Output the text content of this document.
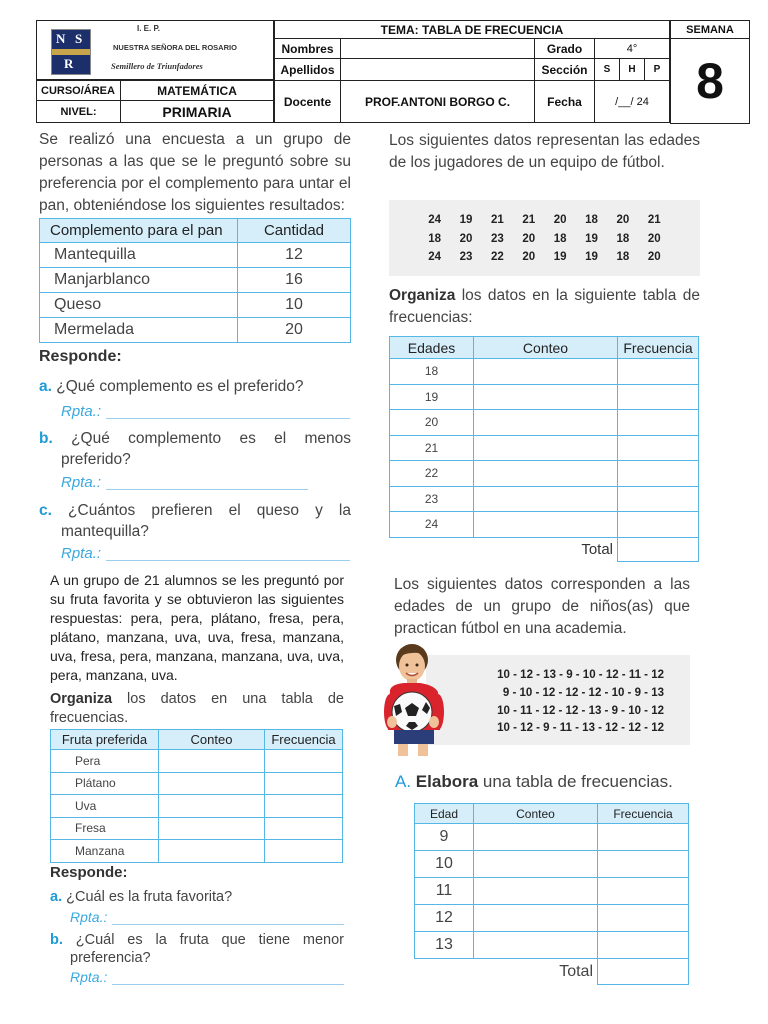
N S
R
I. E. P.
NUESTRA SEÑORA DEL ROSARIO
Semillero de Triunfadores
CURSO/ÁREA	MATEMÁTICA
NIVEL:	PRIMARIA
TEMA: TABLA DE FRECUENCIA			
Nombres		Grado	4°
Apellidos		Sección	S H P

Docente	PROF.ANTONI BORGO C.	Fecha	/__/ 24
SEMANA
8
Se realizó una encuesta a un grupo de personas a las que se le preguntó sobre su preferencia por el complemento para untar el pan, obteniéndose los siguientes resultados:
Complemento para el pan	Cantidad
Mantequilla	12
Manjarblanco	16
Queso	10
Mermelada	20
Responde:
a. ¿Qué complemento es el preferido?
Rpta.:
b. ¿Qué complemento es el menos preferido?
Rpta.:
c. ¿Cuántos prefieren el queso y la mantequilla?
Rpta.:
A un grupo de 21 alumnos se les preguntó por su fruta favorita y se obtuvieron las siguientes respuestas: pera, pera, plátano, fresa, pera, plátano, manzana, uva, uva, fresa, manzana, uva, fresa, pera, manzana, manzana, uva, uva, pera, manzana, uva.
Organiza los datos en una tabla de frecuencias.
Fruta preferida	Conteo	Frecuencia
Pera		
Plátano		
Uva		
Fresa		
Manzana		
Responde:
a. ¿Cuál es la fruta favorita?
Rpta.:
b. ¿Cuál es la fruta que tiene menor preferencia?
Rpta.:
Los siguientes datos representan las edades de los jugadores de un equipo de fútbol.
24 19 21 21 20 18 20 21
18 20 23 20 18 19 18 20
24 23 22 20 19 19 18 20
Organiza los datos en la siguiente tabla de frecuencias:
Edades	Conteo	Frecuencia
18		
19		
20		
21		
22		
23		
24		
	Total	
Los siguientes datos corresponden a las edades de un grupo de niños(as) que practican fútbol en una academia.
10 - 12 - 13 - 9 - 10 - 12 - 11 - 12
9 - 10 - 12 - 12 - 12 - 10 - 9 - 13
10 - 11 - 12 - 12 - 13 - 9 - 10 - 12
10 - 12 - 9 - 11 - 13 - 12 - 12 - 12
A. Elabora una tabla de frecuencias.
Edad	Conteo	Frecuencia
9		
10		
11		
12		
13		
	Total	
